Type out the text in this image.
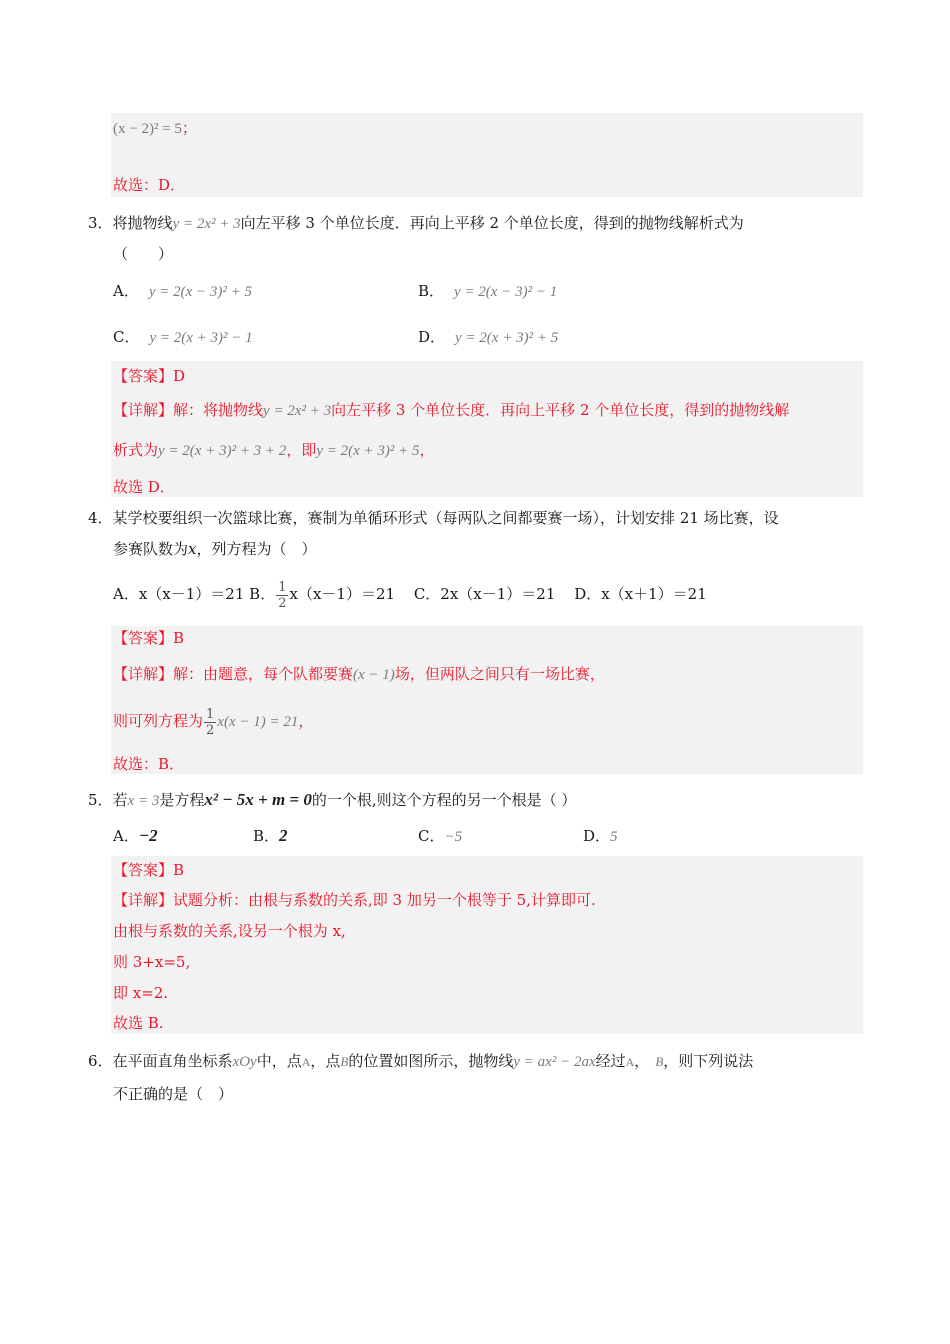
(x − 2)² = 5；
故选：D．
3．将抛物线y = 2x² + 3向左平移 3 个单位长度．再向上平移 2 个单位长度，得到的抛物线解析式为
（　　）
A． y = 2(x − 3)² + 5	B． y = 2(x − 3)² − 1
C． y = 2(x + 3)² − 1	D． y = 2(x + 3)² + 5
【答案】D
【详解】解：将抛物线y = 2x² + 3向左平移 3 个单位长度．再向上平移 2 个单位长度，得到的抛物线解
析式为y = 2(x + 3)² + 3 + 2，即y = 2(x + 3)² + 5，
故选 D．
4．某学校要组织一次篮球比赛，赛制为单循环形式（每两队之间都要赛一场），计划安排 21 场比赛，设
参赛队数为x，列方程为（　）
A．x（x－1）＝21 B． $\frac{1}{2} x(x-1)=21$ C．2x（x－1）＝21 D．x（x＋1）＝21
【答案】B
【详解】解：由题意，每个队都要赛(x − 1)场，但两队之间只有一场比赛，
则可列方程为 $\frac{1}{2} x(x - 1) = 21$，
故选：B．
5．若x = 3是方程x² − 5x + m = 0的一个根,则这个方程的另一个根是（ ）
A．−2	B．2	C．−5	D．5
【答案】B
【详解】试题分析：由根与系数的关系,即 3 加另一个根等于 5,计算即可.
由根与系数的关系,设另一个根为 x,
则 3+x=5,
即 x=2.
故选 B.
6．在平面直角坐标系xOy中，点A，点B的位置如图所示，抛物线y = ax² − 2ax经过A， B，则下列说法
不正确的是（　）
